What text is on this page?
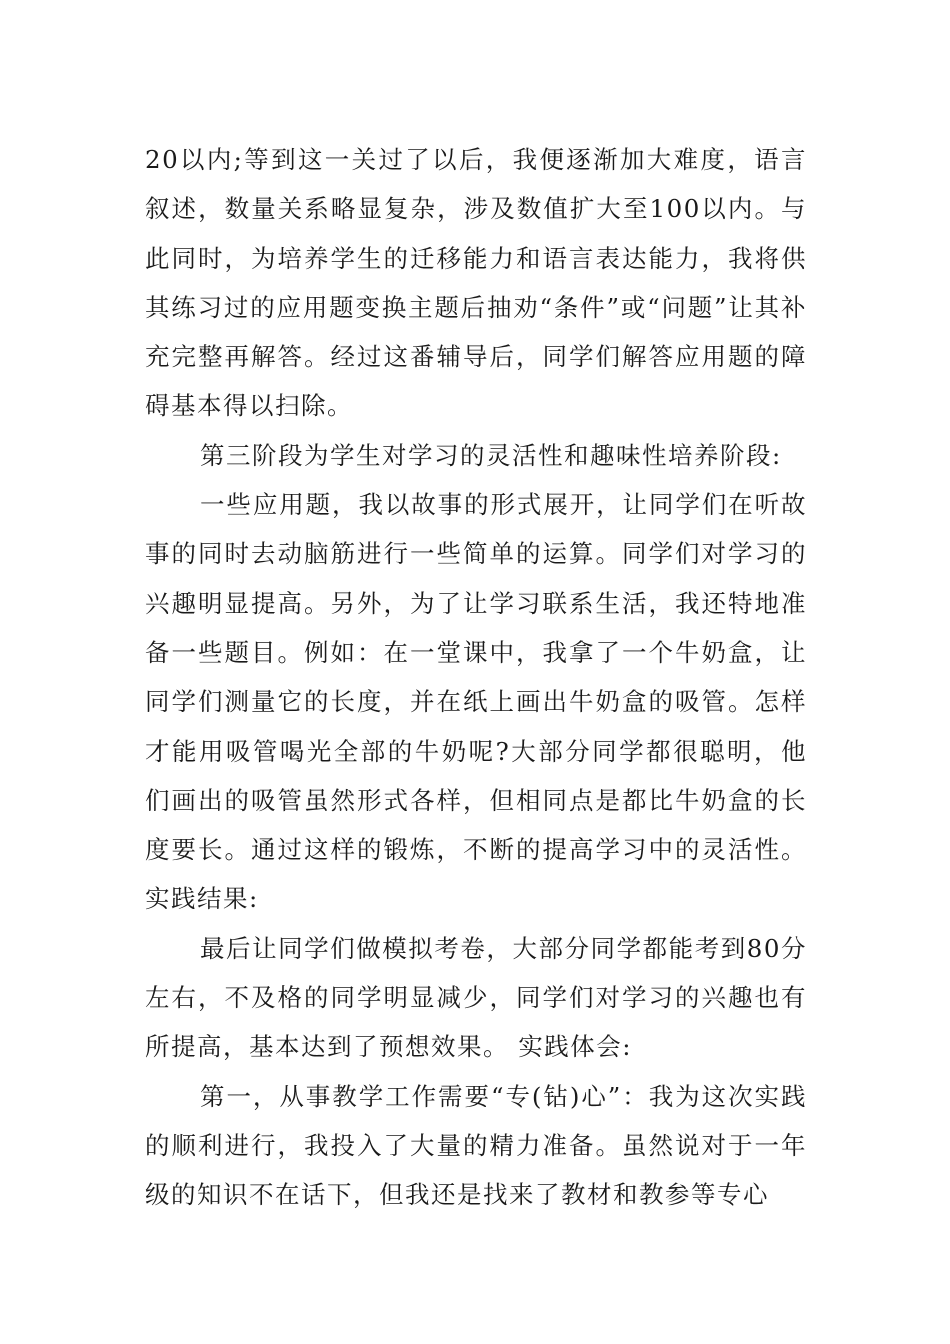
20以内;等到这一关过了以后，我便逐渐加大难度，语言叙述，数量关系略显复杂，涉及数值扩大至100以内。与此同时，为培养学生的迁移能力和语言表达能力，我将供其练习过的应用题变换主题后抽劝“条件”或“问题”让其补充完整再解答。经过这番辅导后，同学们解答应用题的障碍基本得以扫除。

第三阶段为学生对学习的灵活性和趣味性培养阶段:

一些应用题，我以故事的形式展开，让同学们在听故事的同时去动脑筋进行一些简单的运算。同学们对学习的兴趣明显提高。另外，为了让学习联系生活，我还特地准备一些题目。例如：在一堂课中，我拿了一个牛奶盒，让同学们测量它的长度，并在纸上画出牛奶盒的吸管。怎样才能用吸管喝光全部的牛奶呢?大部分同学都很聪明，他们画出的吸管虽然形式各样，但相同点是都比牛奶盒的长度要长。通过这样的锻炼，不断的提高学习中的灵活性。 实践结果:

最后让同学们做模拟考卷，大部分同学都能考到80分左右，不及格的同学明显减少，同学们对学习的兴趣也有所提高，基本达到了预想效果。 实践体会:

第一，从事教学工作需要“专(钻)心”：我为这次实践的顺利进行，我投入了大量的精力准备。虽然说对于一年级的知识不在话下，但我还是找来了教材和教参等专心
